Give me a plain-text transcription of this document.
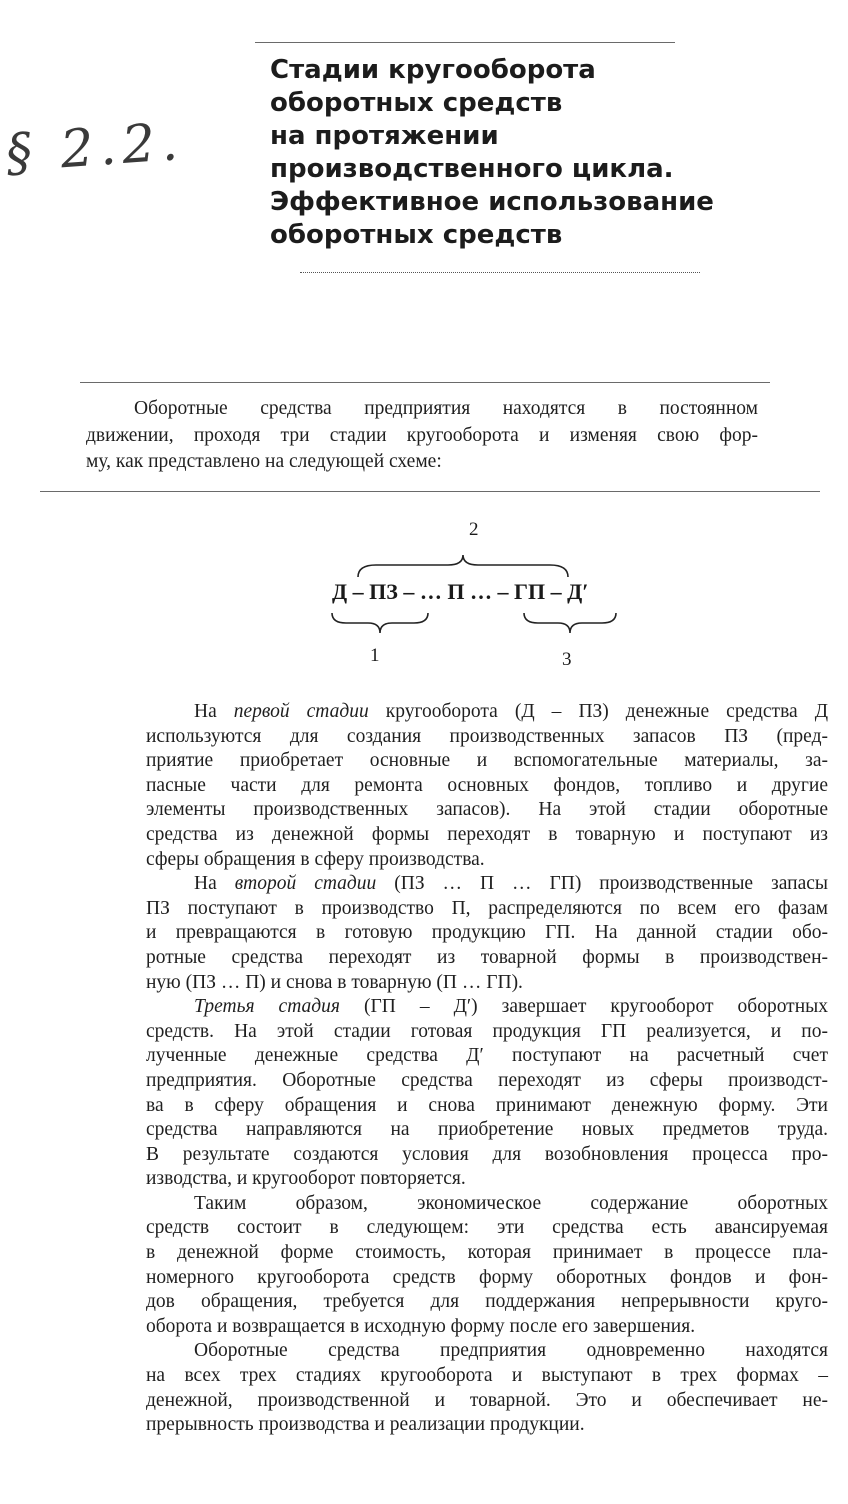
§ 2.2.
Стадии кругооборота
оборотных средств
на протяжении
производственного цикла.
Эффективное использование
оборотных средств
Оборотные средства предприятия находятся в постоянном
движении, проходя три стадии кругооборота и изменяя свою фор-
му, как представлено на следующей схеме:
2
Д – ПЗ – … П … – ГП – Д′
1	3
На первой стадии кругооборота (Д – ПЗ) денежные средства Д
используются для создания производственных запасов ПЗ (пред-
приятие приобретает основные и вспомогательные материалы, за-
пасные части для ремонта основных фондов, топливо и другие
элементы производственных запасов). На этой стадии оборотные
средства из денежной формы переходят в товарную и поступают из
сферы обращения в сферу производства.
На второй стадии (ПЗ … П … ГП) производственные запасы
ПЗ поступают в производство П, распределяются по всем его фазам
и превращаются в готовую продукцию ГП. На данной стадии обо-
ротные средства переходят из товарной формы в производствен-
ную (ПЗ … П) и снова в товарную (П … ГП).
Третья стадия (ГП – Д′) завершает кругооборот оборотных
средств. На этой стадии готовая продукция ГП реализуется, и по-
лученные денежные средства Д′ поступают на расчетный счет
предприятия. Оборотные средства переходят из сферы производст-
ва в сферу обращения и снова принимают денежную форму. Эти
средства направляются на приобретение новых предметов труда.
В результате создаются условия для возобновления процесса про-
изводства, и кругооборот повторяется.
Таким образом, экономическое содержание оборотных
средств состоит в следующем: эти средства есть авансируемая
в денежной форме стоимость, которая принимает в процессе пла-
номерного кругооборота средств форму оборотных фондов и фон-
дов обращения, требуется для поддержания непрерывности круго-
оборота и возвращается в исходную форму после его завершения.
Оборотные средства предприятия одновременно находятся
на всех трех стадиях кругооборота и выступают в трех формах –
денежной, производственной и товарной. Это и обеспечивает не-
прерывность производства и реализации продукции.
